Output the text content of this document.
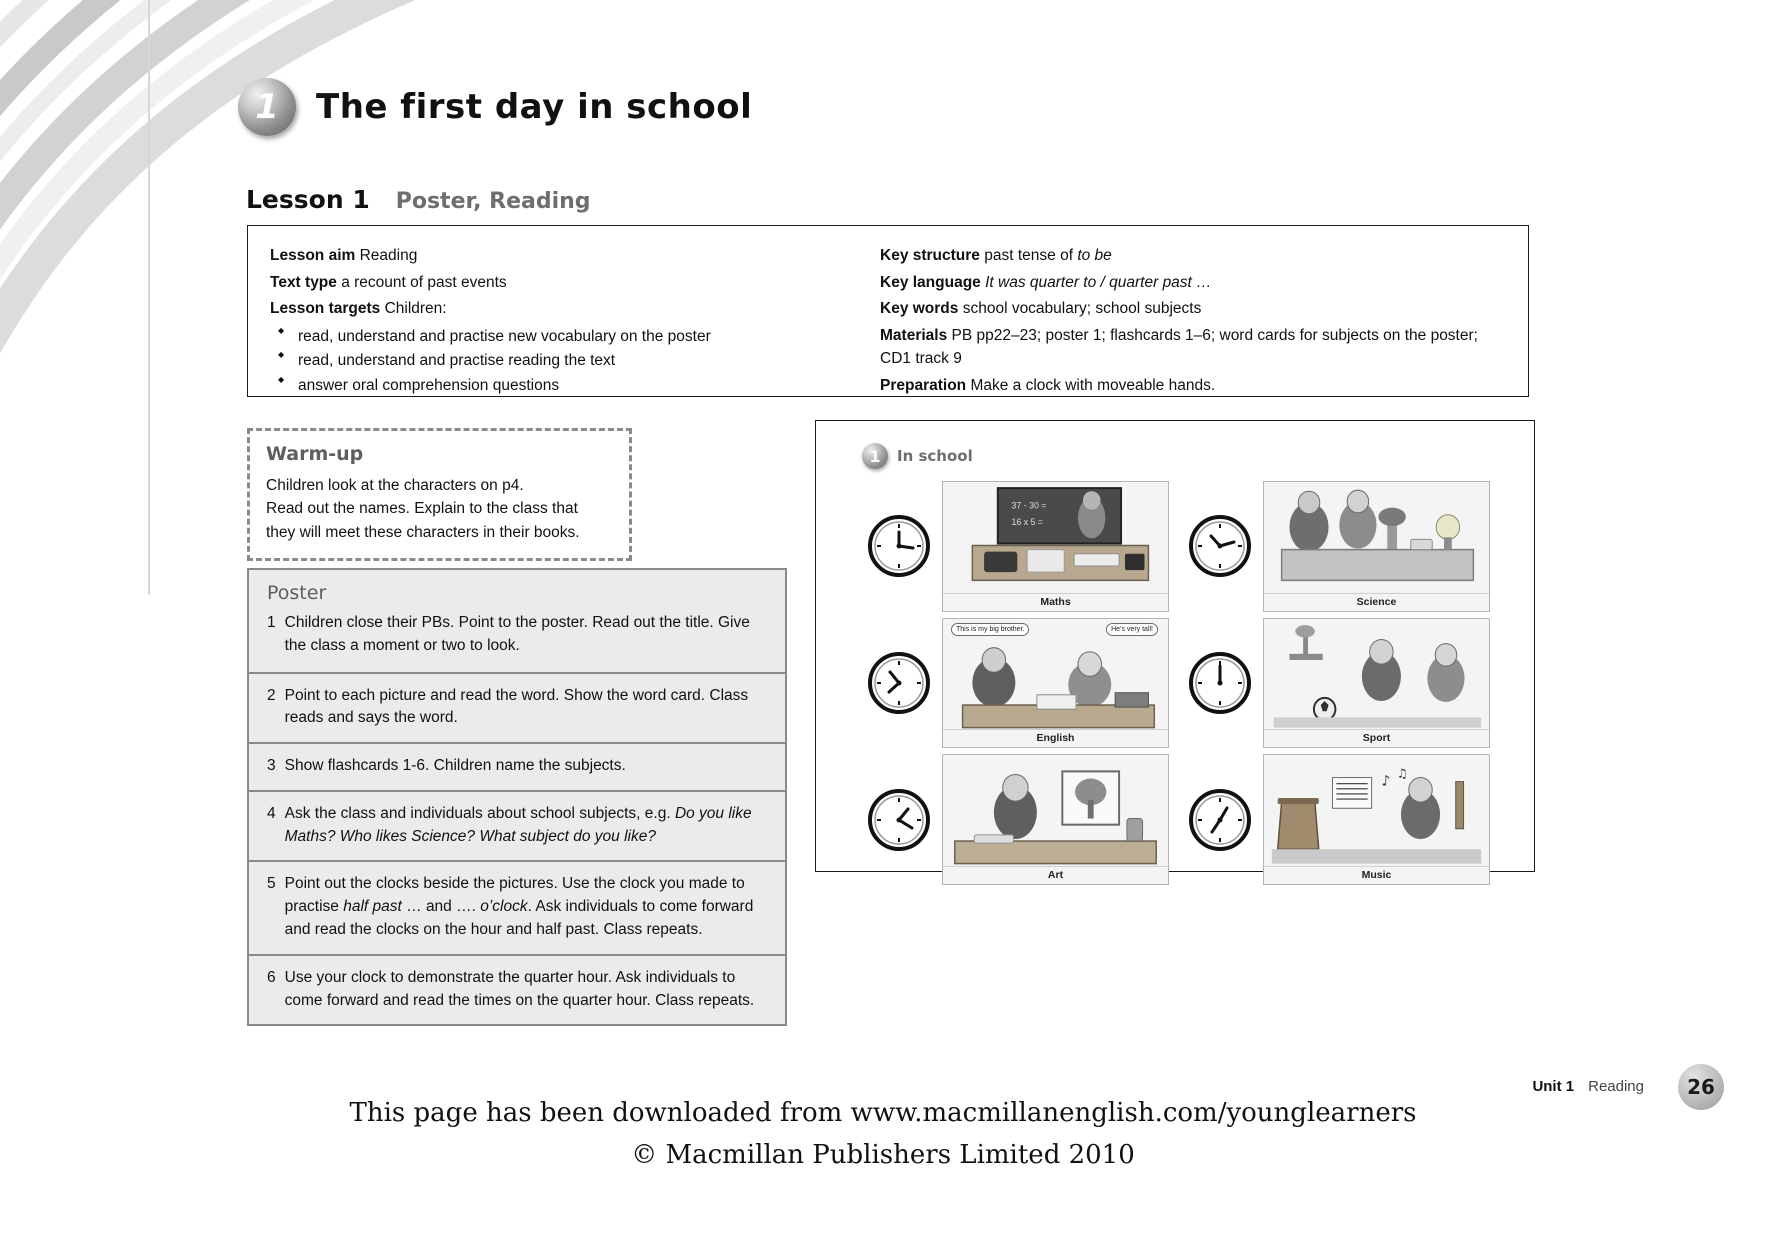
1	The first day in school
Lesson 1 Poster, Reading
Lesson aim Reading
Text type a recount of past events
Lesson targets Children:
◆ read, understand and practise new vocabulary on the poster
◆ read, understand and practise reading the text
◆ answer oral comprehension questions
Key structure past tense of to be
Key language It was quarter to / quarter past …
Key words school vocabulary; school subjects
Materials PB pp22–23; poster 1; flashcards 1–6; word cards for subjects on the poster; CD1 track 9
Preparation Make a clock with moveable hands.
Warm-up

Children look at the characters on p4.

Read out the names. Explain to the class that

they will meet these characters in their books.

Poster
1 Children close their PBs. Point to the poster. Read out the title. Give the class a moment or two to look.
2 Point to each picture and read the word. Show the word card. Class reads and says the word.
3 Show flashcards 1-6. Children name the subjects.
4 Ask the class and individuals about school subjects, e.g. Do you like Maths? Who likes Science? What subject do you like?
5 Point out the clocks beside the pictures. Use the clock you made to practise half past … and …. o’clock. Ask individuals to come forward and read the clocks on the hour and half past. Class repeats.
6 Use your clock to demonstrate the quarter hour. Ask individuals to come forward and read the times on the quarter hour. Class repeats.
1	In school
37 - 30 =
16 x 5 =
Maths	Science
This is my big brother.	He’s very tall!
English	Sport
Art
♪
♫
Music
Unit 1 Reading	26
This page has been downloaded from www.macmillanenglish.com/younglearners
© Macmillan Publishers Limited 2010
